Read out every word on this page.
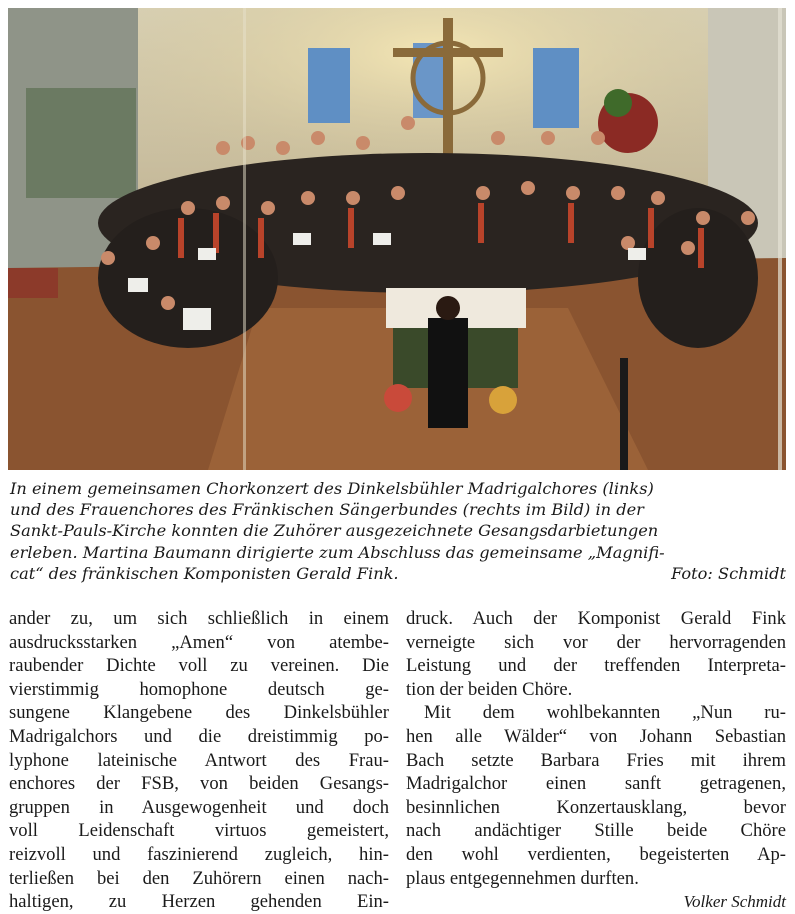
In einem gemeinsamen Chorkonzert des Dinkelsbühler Madrigalchores (links)
und des Frauenchores des Fränkischen Sängerbundes (rechts im Bild) in der
Sankt-Pauls-Kirche konnten die Zuhörer ausgezeichnete Gesangsdarbietungen
erleben. Martina Baumann dirigierte zum Abschluss das gemeinsame „Magnifi-
cat“ des fränkischen Komponisten Gerald Fink.	Foto: Schmidt
ander zu, um sich schließlich in einem
ausdrucksstarken „Amen“ von atembe-
raubender Dichte voll zu vereinen. Die
vierstimmig homophone deutsch ge-
sungene Klangebene des Dinkelsbühler
Madrigalchors und die dreistimmig po-
lyphone lateinische Antwort des Frau-
enchores der FSB, von beiden Gesangs-
gruppen in Ausgewogenheit und doch
voll Leidenschaft virtuos gemeistert,
reizvoll und faszinierend zugleich, hin-
terließen bei den Zuhörern einen nach-
haltigen, zu Herzen gehenden Ein-
druck. Auch der Komponist Gerald Fink
verneigte sich vor der hervorragenden
Leistung und der treffenden Interpreta-
tion der beiden Chöre.
Mit dem wohlbekannten „Nun ru-
hen alle Wälder“ von Johann Sebastian
Bach setzte Barbara Fries mit ihrem
Madrigalchor einen sanft getragenen,
besinnlichen Konzertausklang, bevor
nach andächtiger Stille beide Chöre
den wohl verdienten, begeisterten Ap-
plaus entgegennehmen durften.
Volker Schmidt
